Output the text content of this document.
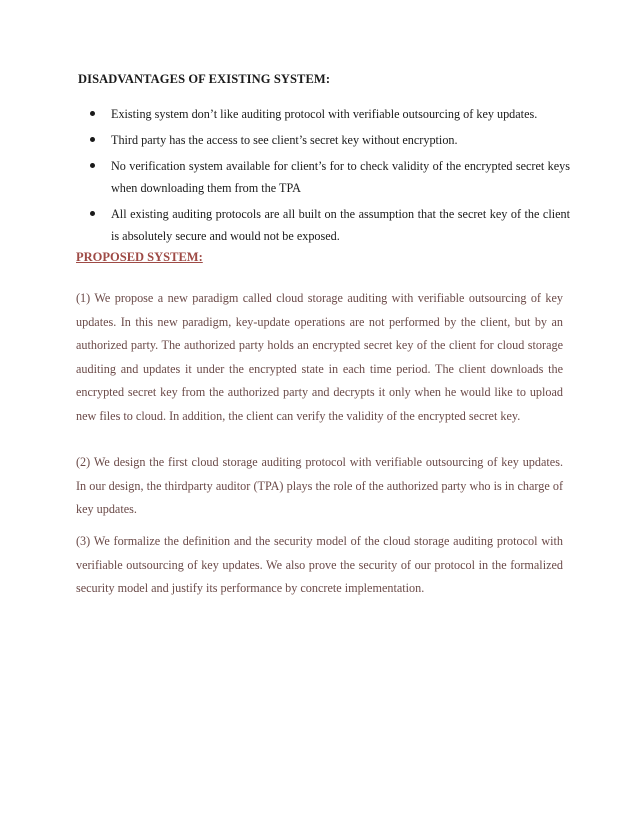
DISADVANTAGES OF EXISTING SYSTEM:
Existing system don’t like auditing protocol with verifiable outsourcing of key updates.
Third party has the access to see client’s secret key without encryption.
No verification system available for client’s for to check validity of the encrypted secret keys when downloading them from the TPA
All existing auditing protocols are all built on the assumption that the secret key of the client is absolutely secure and would not be exposed.
PROPOSED SYSTEM:

(1) We propose a new paradigm called cloud storage auditing with verifiable outsourcing of key updates. In this new paradigm, key-update operations are not performed by the client, but by an authorized party. The authorized party holds an encrypted secret key of the client for cloud storage auditing and updates it under the encrypted state in each time period. The client downloads the encrypted secret key from the authorized party and decrypts it only when he would like to upload new files to cloud. In addition, the client can verify the validity of the encrypted secret key.

(2) We design the first cloud storage auditing protocol with verifiable outsourcing of key updates. In our design, the thirdparty auditor (TPA) plays the role of the authorized party who is in charge of key updates.

(3) We formalize the definition and the security model of the cloud storage auditing protocol with verifiable outsourcing of key updates. We also prove the security of our protocol in the formalized security model and justify its performance by concrete implementation.
